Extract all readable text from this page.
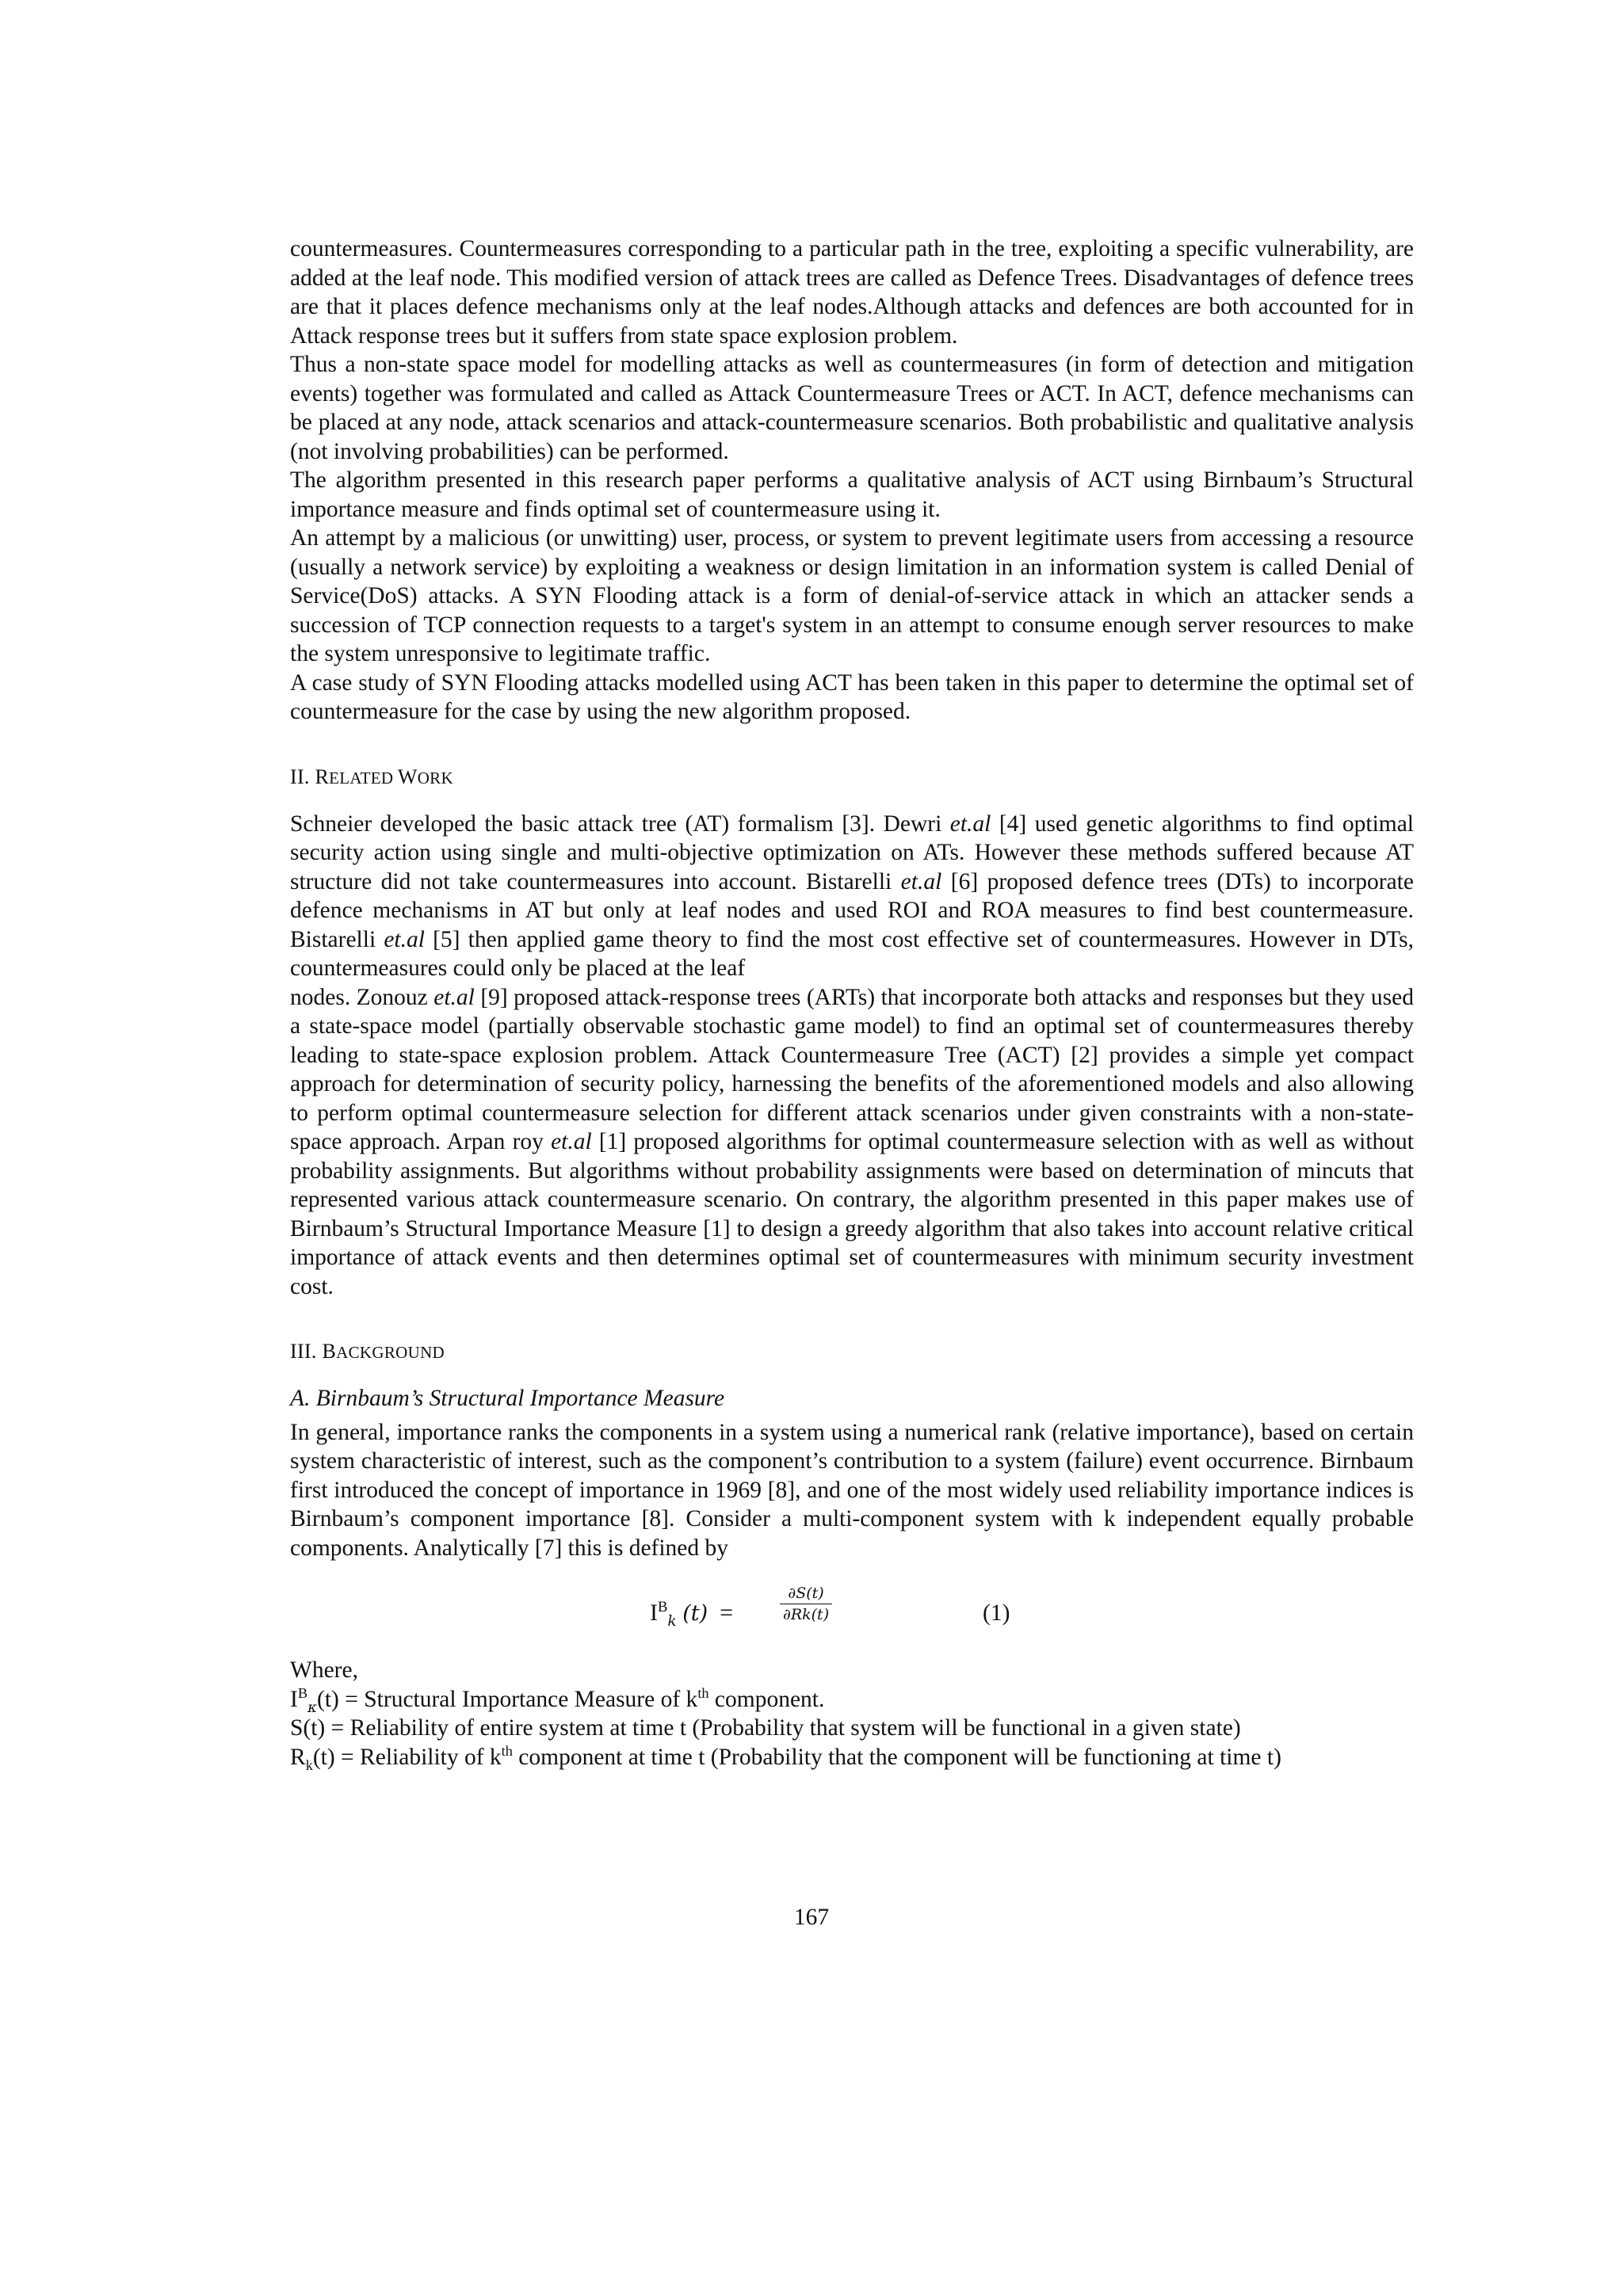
countermeasures. Countermeasures corresponding to a particular path in the tree, exploiting a specific vulnerability, are added at the leaf node. This modified version of attack trees are called as Defence Trees. Disadvantages of defence trees are that it places defence mechanisms only at the leaf nodes.Although attacks and defences are both accounted for in Attack response trees but it suffers from state space explosion problem.

Thus a non-state space model for modelling attacks as well as countermeasures (in form of detection and mitigation events) together was formulated and called as Attack Countermeasure Trees or ACT. In ACT, defence mechanisms can be placed at any node, attack scenarios and attack-countermeasure scenarios. Both probabilistic and qualitative analysis (not involving probabilities) can be performed.

The algorithm presented in this research paper performs a qualitative analysis of ACT using Birnbaum’s Structural importance measure and finds optimal set of countermeasure using it.

An attempt by a malicious (or unwitting) user, process, or system to prevent legitimate users from accessing a resource (usually a network service) by exploiting a weakness or design limitation in an information system is called Denial of Service(DoS) attacks. A SYN Flooding attack is a form of denial-of-service attack in which an attacker sends a succession of TCP connection requests to a target's system in an attempt to consume enough server resources to make the system unresponsive to legitimate traffic.

A case study of SYN Flooding attacks modelled using ACT has been taken in this paper to determine the optimal set of countermeasure for the case by using the new algorithm proposed.

II. RELATED WORK

Schneier developed the basic attack tree (AT) formalism [3]. Dewri et.al [4] used genetic algorithms to find optimal security action using single and multi-objective optimization on ATs. However these methods suffered because AT structure did not take countermeasures into account. Bistarelli et.al [6] proposed defence trees (DTs) to incorporate defence mechanisms in AT but only at leaf nodes and used ROI and ROA measures to find best countermeasure. Bistarelli et.al [5] then applied game theory to find the most cost effective set of countermeasures. However in DTs, countermeasures could only be placed at the leaf

nodes. Zonouz et.al [9] proposed attack-response trees (ARTs) that incorporate both attacks and responses but they used a state-space model (partially observable stochastic game model) to find an optimal set of countermeasures thereby leading to state-space explosion problem. Attack Countermeasure Tree (ACT) [2] provides a simple yet compact approach for determination of security policy, harnessing the benefits of the aforementioned models and also allowing to perform optimal countermeasure selection for different attack scenarios under given constraints with a non-state-space approach. Arpan roy et.al [1] proposed algorithms for optimal countermeasure selection with as well as without probability assignments. But algorithms without probability assignments were based on determination of mincuts that represented various attack countermeasure scenario. On contrary, the algorithm presented in this paper makes use of Birnbaum’s Structural Importance Measure [1] to design a greedy algorithm that also takes into account relative critical importance of attack events and then determines optimal set of countermeasures with minimum security investment cost.

III. BACKGROUND

A. Birnbaum’s Structural Importance Measure

In general, importance ranks the components in a system using a numerical rank (relative importance), based on certain system characteristic of interest, such as the component’s contribution to a system (failure) event occurrence. Birnbaum first introduced the concept of importance in 1969 [8], and one of the most widely used reliability importance indices is Birnbaum’s component importance [8]. Consider a multi-component system with k independent equally probable components. Analytically [7] this is defined by

$I^B_𝑘$ (𝑡) =
∂𝑆(𝑡)
∂𝑅𝑘(𝑡)	(1)

Where,

$I^B_𝜅(t)$ = Structural Importance Measure of $k^{th}$ component.

S(t) = Reliability of entire system at time t (Probability that system will be functional in a given state)

$R_k(t)$ = Reliability of $k^{th}$ component at time t (Probability that the component will be functioning at time t)

167
